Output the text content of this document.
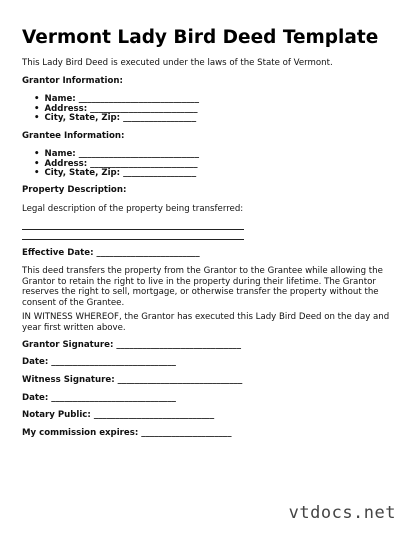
Vermont Lady Bird Deed Template
This Lady Bird Deed is executed under the laws of the State of Vermont.
Grantor Information:
• Name: ____________________________
• Address: _________________________
• City, State, Zip: _________________
Grantee Information:
• Name: ____________________________
• Address: _________________________
• City, State, Zip: _________________
Property Description:
Legal description of the property being transferred:
Effective Date: ________________________
This deed transfers the property from the Grantor to the Grantee while allowing the Grantor to retain the right to live in the property during their lifetime. The Grantor reserves the right to sell, mortgage, or otherwise transfer the property without the consent of the Grantee.
IN WITNESS WHEREOF, the Grantor has executed this Lady Bird Deed on the day and year first written above.
Grantor Signature: _____________________________
Date: _____________________________
Witness Signature: _____________________________
Date: _____________________________
Notary Public: ____________________________
My commission expires: _____________________
vtdocs.net
